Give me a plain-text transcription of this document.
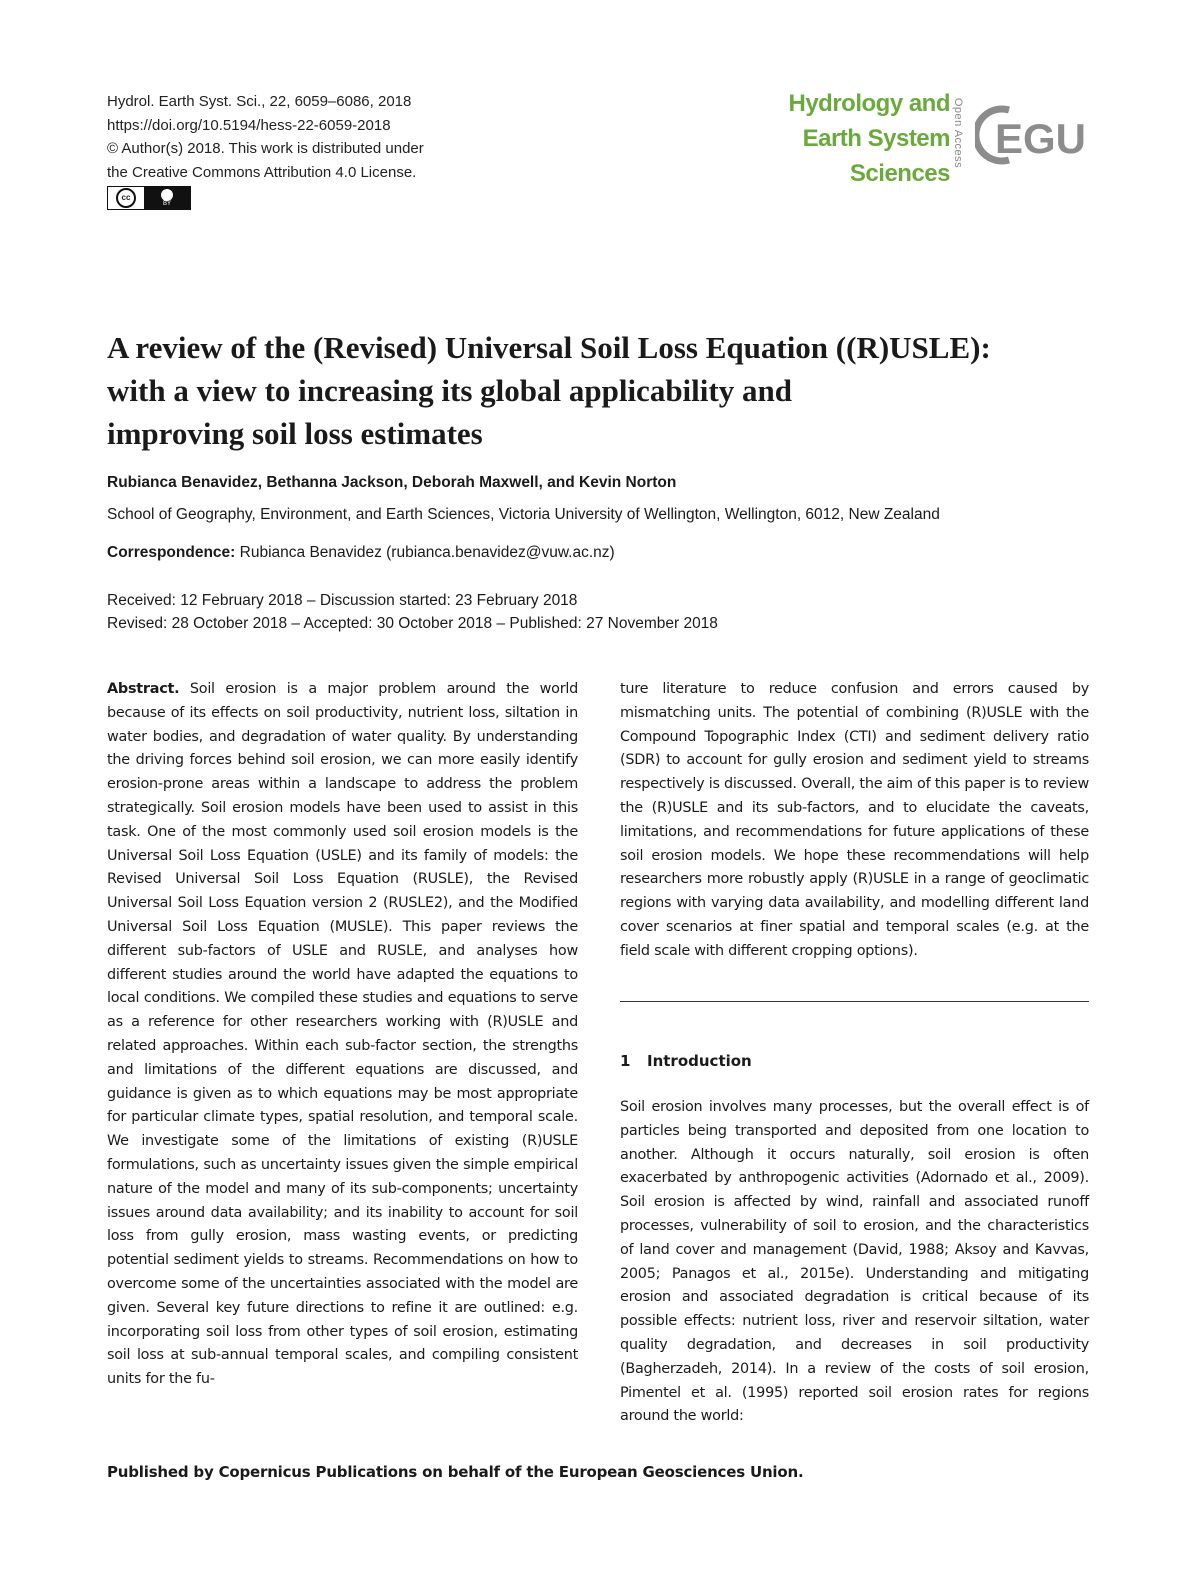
Hydrol. Earth Syst. Sci., 22, 6059–6086, 2018
https://doi.org/10.5194/hess-22-6059-2018
© Author(s) 2018. This work is distributed under
the Creative Commons Attribution 4.0 License.
cc
BY
Hydrology and
Earth System
Sciences
Open Access EGU
A review of the (Revised) Universal Soil Loss Equation ((R)USLE):
with a view to increasing its global applicability and
improving soil loss estimates
Rubianca Benavidez, Bethanna Jackson, Deborah Maxwell, and Kevin Norton
School of Geography, Environment, and Earth Sciences, Victoria University of Wellington, Wellington, 6012, New Zealand
Correspondence: Rubianca Benavidez (rubianca.benavidez@vuw.ac.nz)
Received: 12 February 2018 – Discussion started: 23 February 2018
Revised: 28 October 2018 – Accepted: 30 October 2018 – Published: 27 November 2018

Abstract. Soil erosion is a major problem around the world because of its effects on soil productivity, nutrient loss, siltation in water bodies, and degradation of water quality. By understanding the driving forces behind soil erosion, we can more easily identify erosion-prone areas within a landscape to address the problem strategically. Soil erosion models have been used to assist in this task. One of the most commonly used soil erosion models is the Universal Soil Loss Equation (USLE) and its family of models: the Revised Universal Soil Loss Equation (RUSLE), the Revised Universal Soil Loss Equation version 2 (RUSLE2), and the Modified Universal Soil Loss Equation (MUSLE). This paper reviews the different sub-factors of USLE and RUSLE, and analyses how different studies around the world have adapted the equations to local conditions. We compiled these studies and equations to serve as a reference for other researchers working with (R)USLE and related approaches. Within each sub-factor section, the strengths and limitations of the different equations are discussed, and guidance is given as to which equations may be most appropriate for particular climate types, spatial resolution, and temporal scale. We investigate some of the limitations of existing (R)USLE formulations, such as uncertainty issues given the simple empirical nature of the model and many of its sub-components; uncertainty issues around data availability; and its inability to account for soil loss from gully erosion, mass wasting events, or predicting potential sediment yields to streams. Recommendations on how to overcome some of the uncertainties associated with the model are given. Several key future directions to refine it are outlined: e.g. incorporating soil loss from other types of soil erosion, estimating soil loss at sub-annual temporal scales, and compiling consistent units for the fu-

ture literature to reduce confusion and errors caused by mismatching units. The potential of combining (R)USLE with the Compound Topographic Index (CTI) and sediment delivery ratio (SDR) to account for gully erosion and sediment yield to streams respectively is discussed. Overall, the aim of this paper is to review the (R)USLE and its sub-factors, and to elucidate the caveats, limitations, and recommendations for future applications of these soil erosion models. We hope these recommendations will help researchers more robustly apply (R)USLE in a range of geoclimatic regions with varying data availability, and modelling different land cover scenarios at finer spatial and temporal scales (e.g. at the field scale with different cropping options).

1 Introduction

Soil erosion involves many processes, but the overall effect is of particles being transported and deposited from one location to another. Although it occurs naturally, soil erosion is often exacerbated by anthropogenic activities (Adornado et al., 2009). Soil erosion is affected by wind, rainfall and associated runoff processes, vulnerability of soil to erosion, and the characteristics of land cover and management (David, 1988; Aksoy and Kavvas, 2005; Panagos et al., 2015e). Understanding and mitigating erosion and associated degradation is critical because of its possible effects: nutrient loss, river and reservoir siltation, water quality degradation, and decreases in soil productivity (Bagherzadeh, 2014). In a review of the costs of soil erosion, Pimentel et al. (1995) reported soil erosion rates for regions around the world:

Published by Copernicus Publications on behalf of the European Geosciences Union.
